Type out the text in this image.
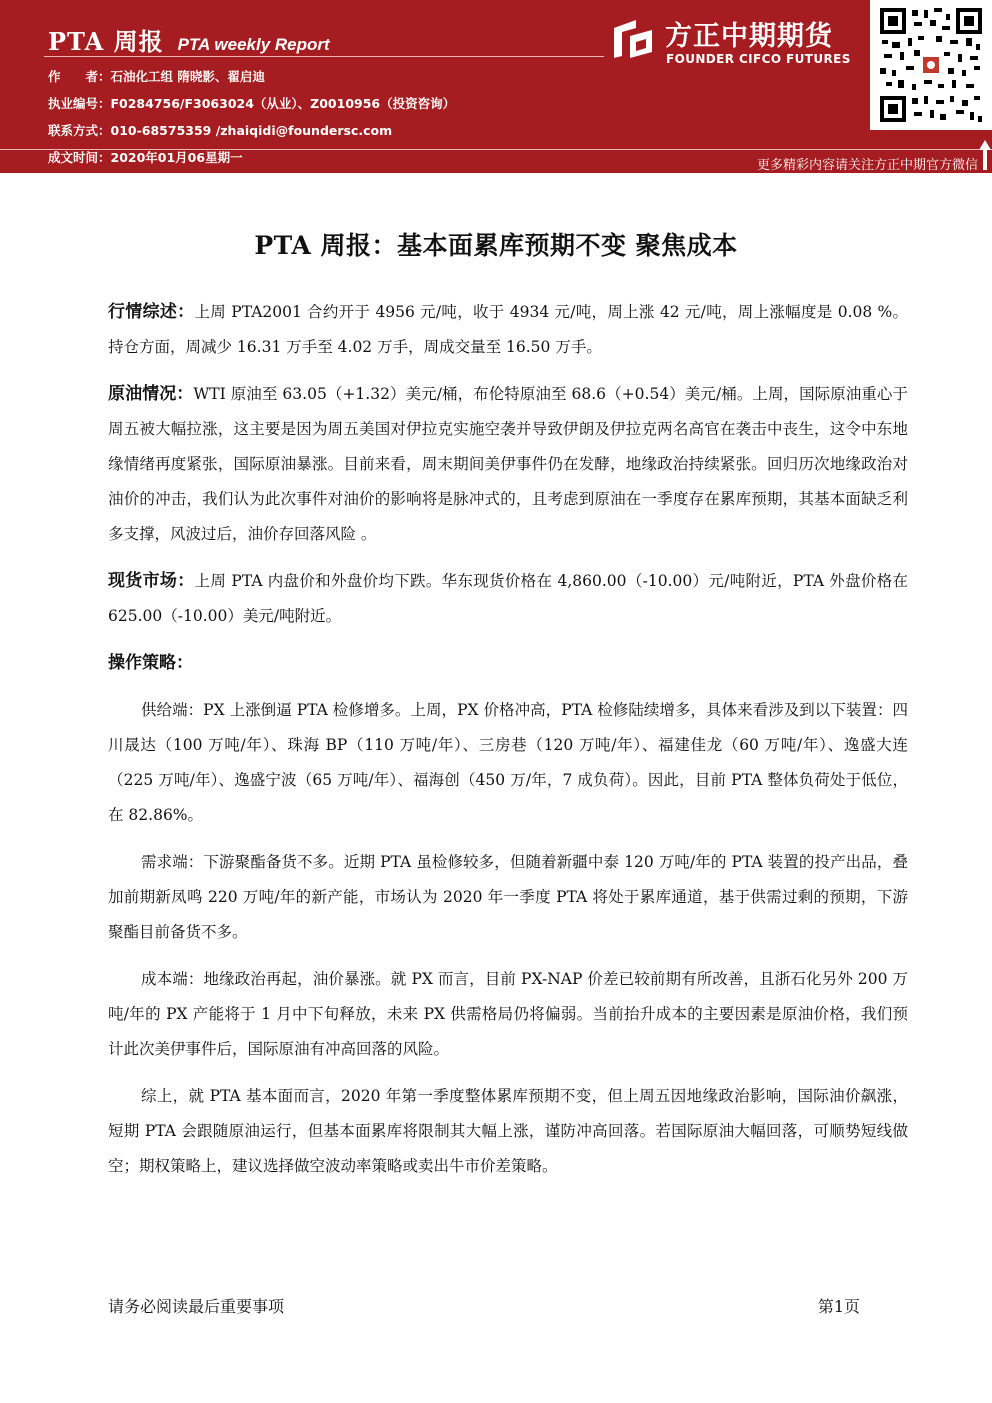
PTA 周报 PTA weekly Report
作　　者：石油化工组 隋晓影、翟启迪
执业编号：F0284756/F3063024（从业）、Z0010956（投资咨询）
联系方式：010-68575359 /zhaiqidi@foundersc.com
成文时间：2020年01月06星期一
方正中期期货
FOUNDER CIFCO FUTURES
更多精彩内容请关注方正中期官方微信
PTA 周报：基本面累库预期不变 聚焦成本

行情综述：上周 PTA2001 合约开于 4956 元/吨，收于 4934 元/吨，周上涨 42 元/吨，周上涨幅度是 0.08 %。持仓方面，周减少 16.31 万手至 4.02 万手，周成交量至 16.50 万手。

原油情况：WTI 原油至 63.05（+1.32）美元/桶，布伦特原油至 68.6（+0.54）美元/桶。上周，国际原油重心于周五被大幅拉涨，这主要是因为周五美国对伊拉克实施空袭并导致伊朗及伊拉克两名高官在袭击中丧生，这令中东地缘情绪再度紧张，国际原油暴涨。目前来看，周末期间美伊事件仍在发酵，地缘政治持续紧张。回归历次地缘政治对油价的冲击，我们认为此次事件对油价的影响将是脉冲式的，且考虑到原油在一季度存在累库预期，其基本面缺乏利多支撑，风波过后，油价存回落风险 。

现货市场：上周 PTA 内盘价和外盘价均下跌。华东现货价格在 4,860.00（-10.00）元/吨附近，PTA 外盘价格在 625.00（-10.00）美元/吨附近。

操作策略：

供给端：PX 上涨倒逼 PTA 检修增多。上周，PX 价格冲高，PTA 检修陆续增多，具体来看涉及到以下装置：四川晟达（100 万吨/年）、珠海 BP（110 万吨/年）、三房巷（120 万吨/年）、福建佳龙（60 万吨/年）、逸盛大连（225 万吨/年）、逸盛宁波（65 万吨/年）、福海创（450 万/年，7 成负荷）。因此，目前 PTA 整体负荷处于低位，在 82.86%。

需求端：下游聚酯备货不多。近期 PTA 虽检修较多，但随着新疆中泰 120 万吨/年的 PTA 装置的投产出品，叠加前期新凤鸣 220 万吨/年的新产能，市场认为 2020 年一季度 PTA 将处于累库通道，基于供需过剩的预期，下游聚酯目前备货不多。

成本端：地缘政治再起，油价暴涨。就 PX 而言，目前 PX-NAP 价差已较前期有所改善，且浙石化另外 200 万吨/年的 PX 产能将于 1 月中下旬释放，未来 PX 供需格局仍将偏弱。当前抬升成本的主要因素是原油价格，我们预计此次美伊事件后，国际原油有冲高回落的风险。

综上，就 PTA 基本面而言，2020 年第一季度整体累库预期不变，但上周五因地缘政治影响，国际油价飙涨，短期 PTA 会跟随原油运行，但基本面累库将限制其大幅上涨，谨防冲高回落。若国际原油大幅回落，可顺势短线做空；期权策略上，建议选择做空波动率策略或卖出牛市价差策略。

请务必阅读最后重要事项	第1页
